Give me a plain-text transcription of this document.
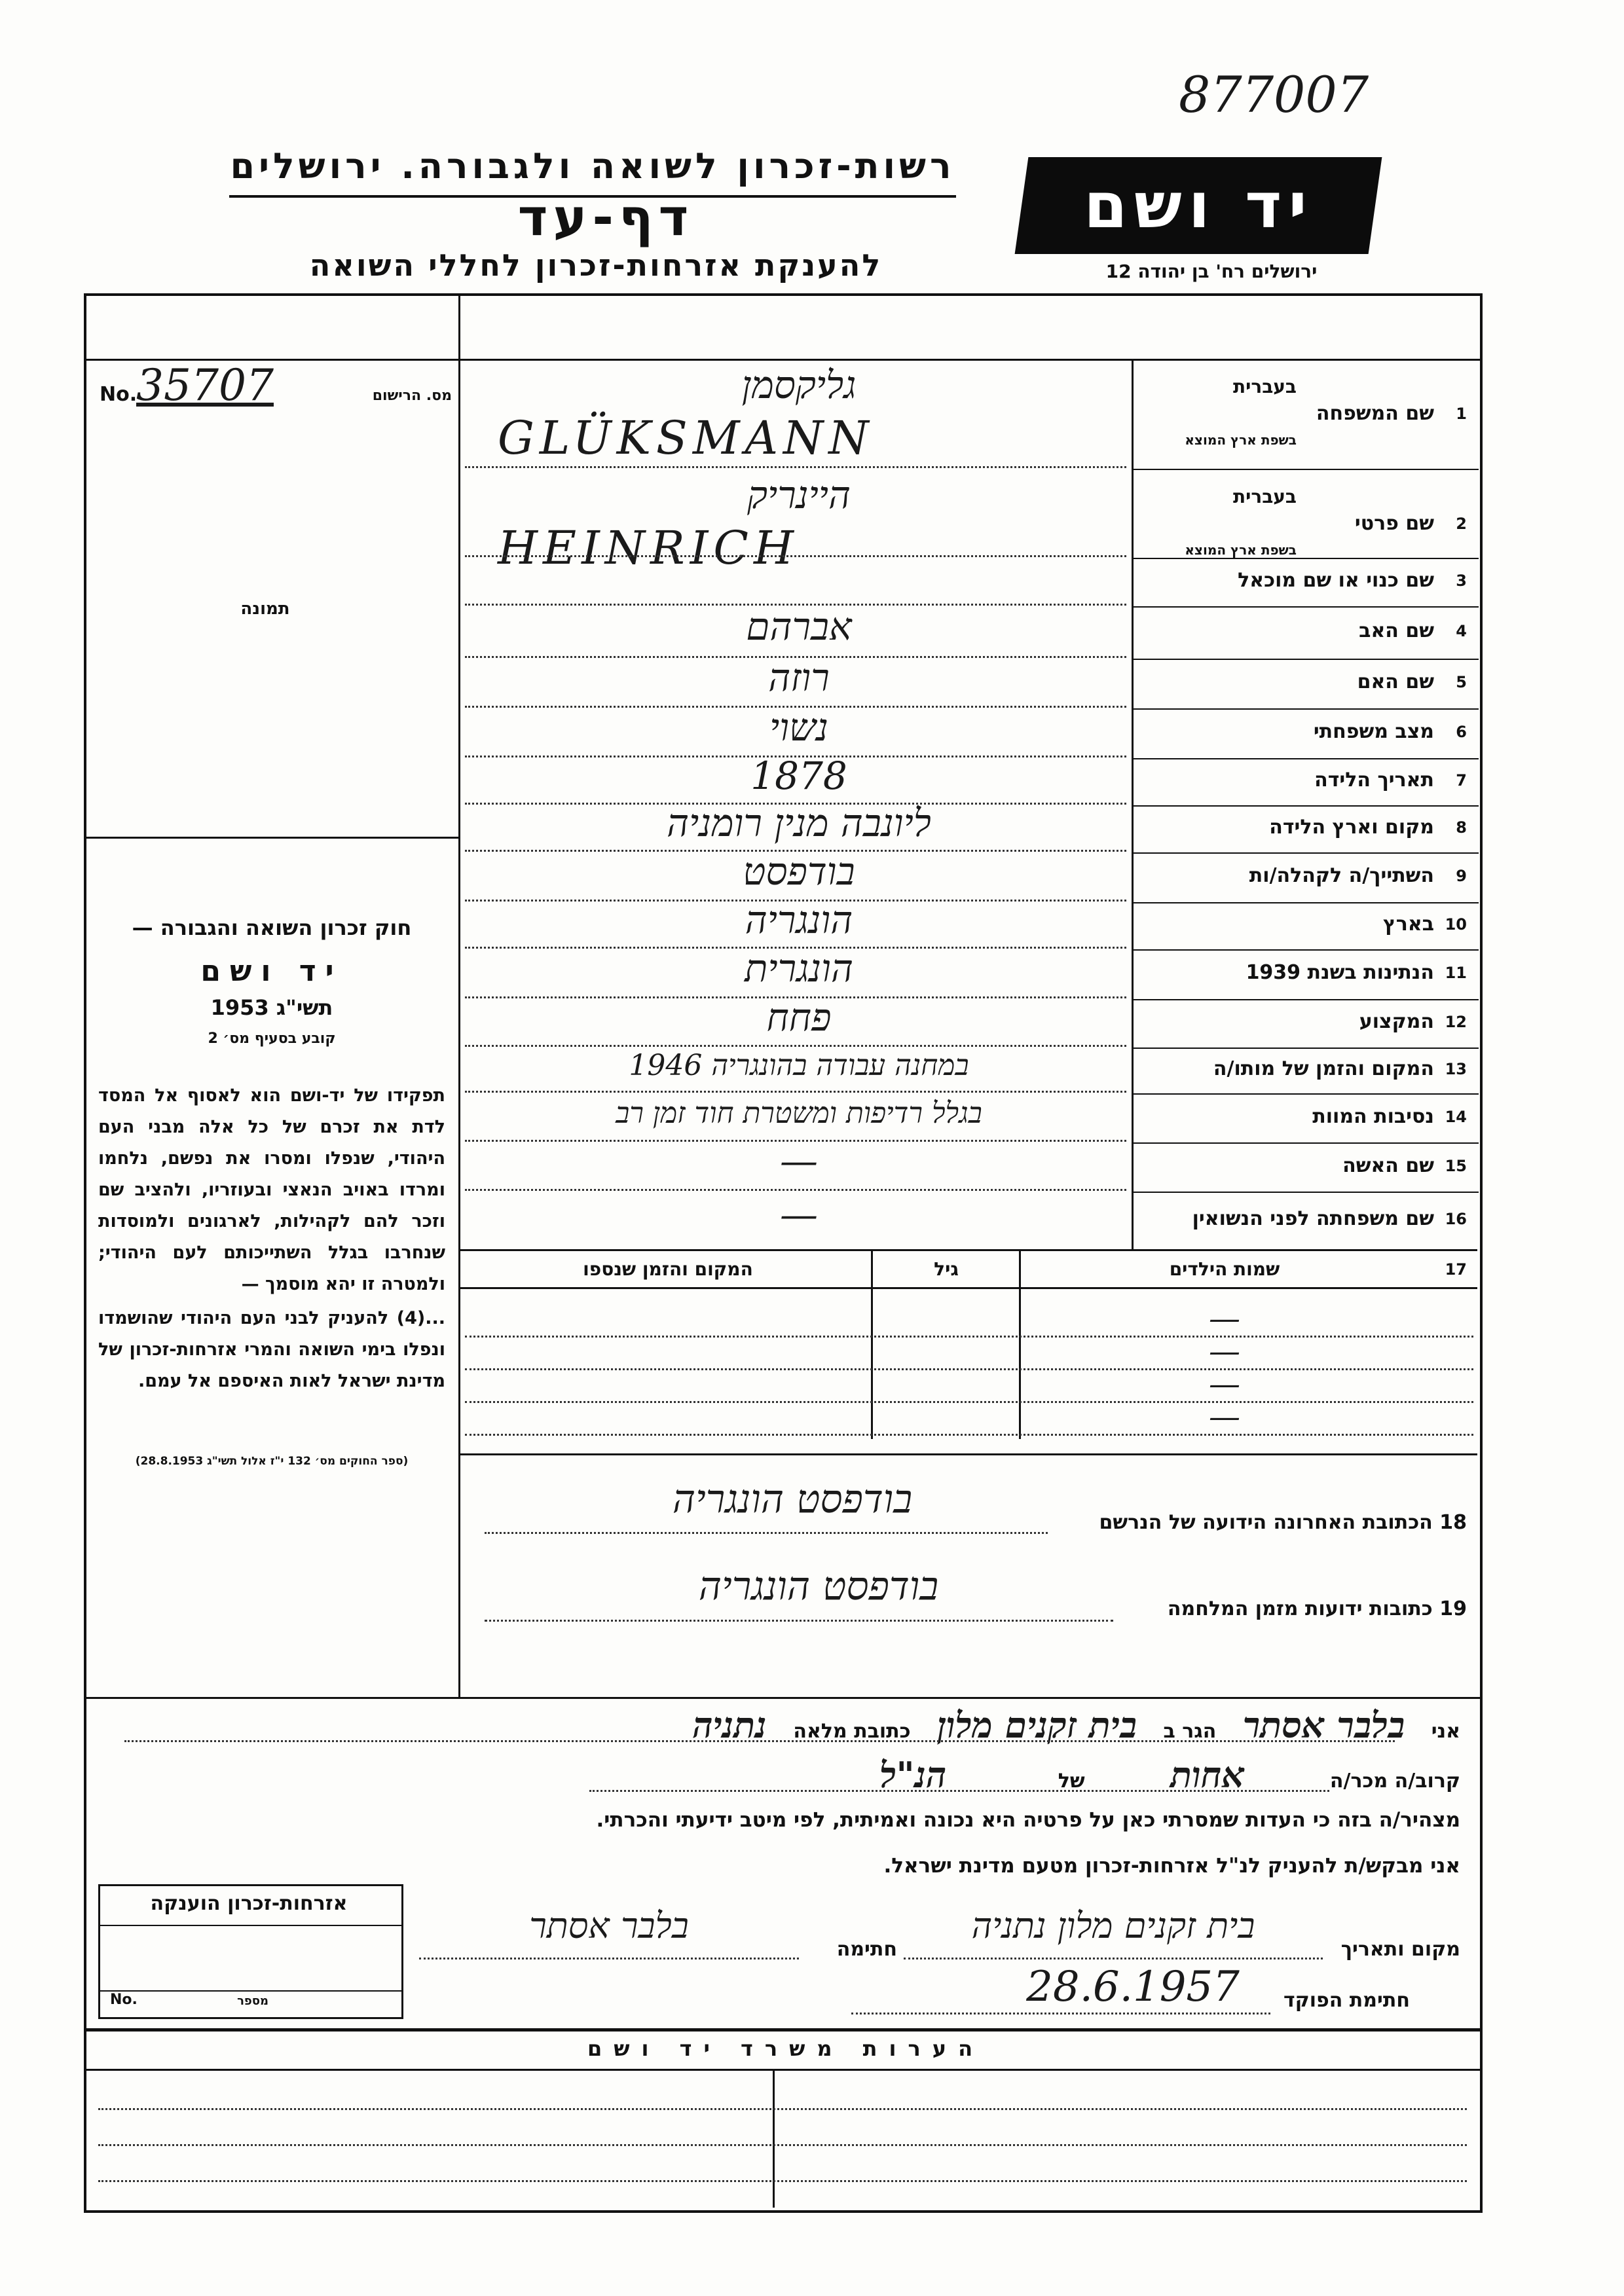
877007
רשות-זכרון לשואה ולגבורה. ירושלים
דף-עד
להענקת אזרחות-זכרון לחללי השואה
יד ושם
ירושלים רח' בן יהודה 12
No.
35707	מס. הרישום
תמונה
חוק זכרון השואה והגבורה —
יד ושם
תשי"ג 1953
קובע בסעיף מס׳ 2
תפקידו של יד-ושם הוא לאסוף אל המסד לדת את זכרם של כל אלה מבני העם היהודי, שנפלו ומסרו את נפשם, נלחמו ומרדו באויב הנאצי ובעוזריו, ולהציב שם וזכר להם לקהילות, לארגונים ולמוסדות שנחרבו בגלל השתייכותם לעם היהודי; ולמטרה זו יהא מוסמך —
...(4) להעניק לבני העם היהודי שהושמדו ונפלו בימי השואה והמרי אזרחות-זכרון של מדינת ישראל לאות האיספם אל עמם.
(ספר החוקים מס׳ 132 י"ז אלול תשי"ג 28.8.1953)
1
שם המשפחה
בעברית
בשפת ארץ המוצא
גליקסמן
GLÜKSMANN
2
שם פרטי
בעברית
בשפת ארץ המוצא
היינריק
HEINRICH
3
שם כנוי או שם מוכאל
4
שם האב
אברהם
5
שם האם
רוזה
6
מצב משפחתי
נשוי
7
תאריך הלידה
1878
8
מקום וארץ הלידה
ליונבה מנין רומניה
9
השתייך/ה לקהלה/ות
בודפסט
10
בארץ
הונגריה
11
הנתינות בשנת 1939
הונגרית
12
המקצוע
פחח
13
המקום והזמן של מותו/ה
במחנה עבודה בהונגריה 1946
14
נסיבות המוות
בגלל רדיפות ומשטרת חוד זמן רב
15
שם האשה
—
16
שם משפחתה לפני הנשואין
—
17
שמות הילדים
גיל
המקום והזמן שנספו
—
—
—
—
18 הכתובת האחרונה הידועה של הנרשם
בודפסט הונגריה
19 כתובות ידועות מזמן המלחמה
בודפסט הונגריה
אני בלבר אסתר הגר ב בית זקנים מלון כתובת מלאה נתניה
קרוב/ה מכר/ה אחות של הנ"ל
מצהיר/ה בזה כי העדות שמסרתי כאן על פרטיה היא נכונה ואמיתית, לפי מיטב ידיעתי והכרתי.
אני מבקש/ת להעניק לנ"ל אזרחות-זכרון מטעם מדינת ישראל.
אזרחות-זכרון הוענקה
No.	מספר
מקום ותאריך
בית זקנים מלון נתניה
חתימה
בלבר אסתר
חתימת הפוקד
28.6.1957
הערות משרד יד ושם
